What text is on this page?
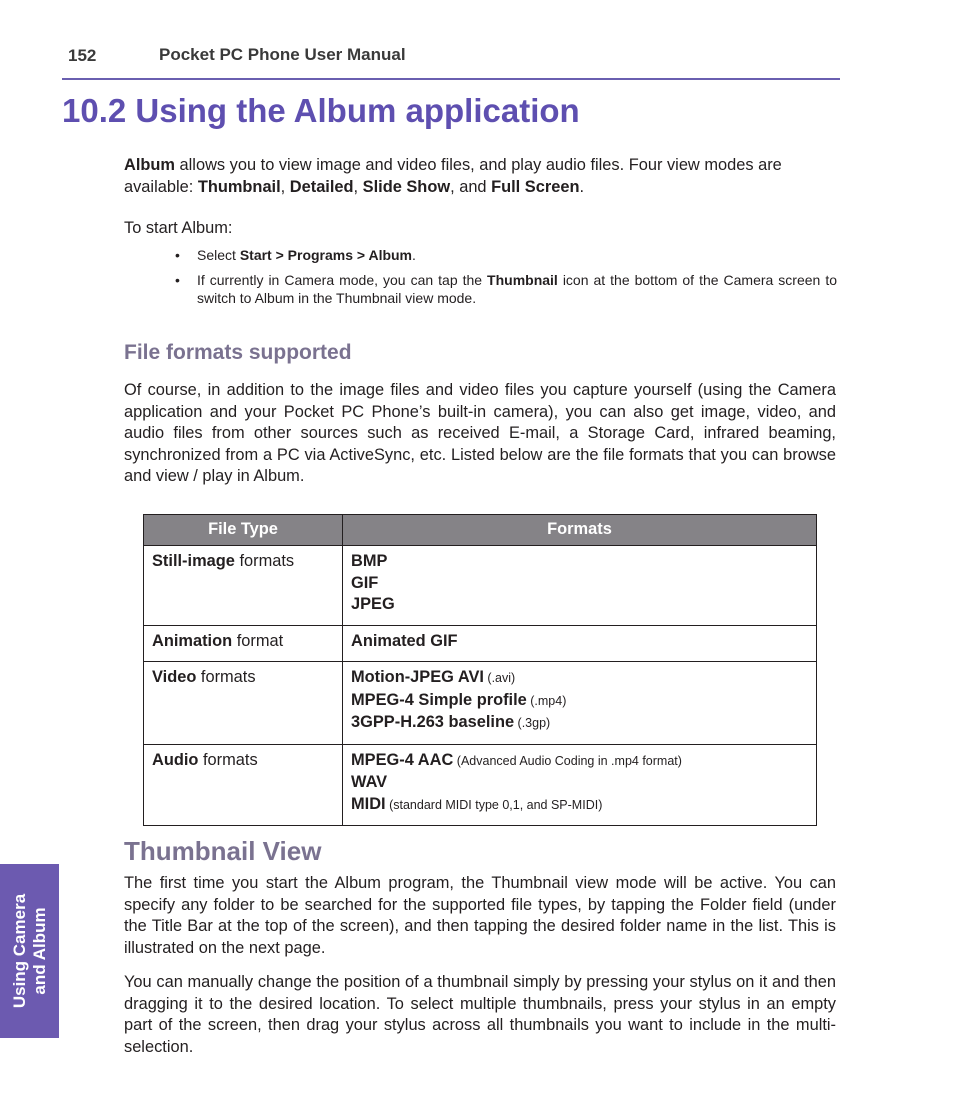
152	Pocket PC Phone User Manual
10.2 Using the Album application

Album allows you to view image and video files, and play audio files. Four view modes are available: Thumbnail, Detailed, Slide Show, and Full Screen.

To start Album:

• Select Start > Programs > Album.
• If currently in Camera mode, you can tap the Thumbnail icon at the bottom of the Camera screen to switch to Album in the Thumbnail view mode.
File formats supported

Of course, in addition to the image files and video files you capture yourself (using the Camera application and your Pocket PC Phone’s built-in camera), you can also get image, video, and audio files from other sources such as received E-mail, a Storage Card, infrared beaming, synchronized from a PC via ActiveSync, etc. Listed below are the file formats that you can browse and view / play in Album.

File Type	Formats
Still-image formats	BMP
GIF
JPEG

Animation format	Animated GIF

Video formats	Motion-JPEG AVI (.avi)
MPEG-4 Simple profile (.mp4)
3GPP-H.263 baseline (.3gp)

Audio formats	MPEG-4 AAC (Advanced Audio Coding in .mp4 format)
WAV
MIDI (standard MIDI type 0,1, and SP-MIDI)
Thumbnail View

The first time you start the Album program, the Thumbnail view mode will be active. You can specify any folder to be searched for the supported file types, by tapping the Folder field (under the Title Bar at the top of the screen), and then tapping the desired folder name in the list. This is illustrated on the next page.

You can manually change the position of a thumbnail simply by pressing your stylus on it and then dragging it to the desired location. To select multiple thumbnails, press your stylus in an empty part of the screen, then drag your stylus across all thumbnails you want to include in the multi-selection.

Using Camera and Album
